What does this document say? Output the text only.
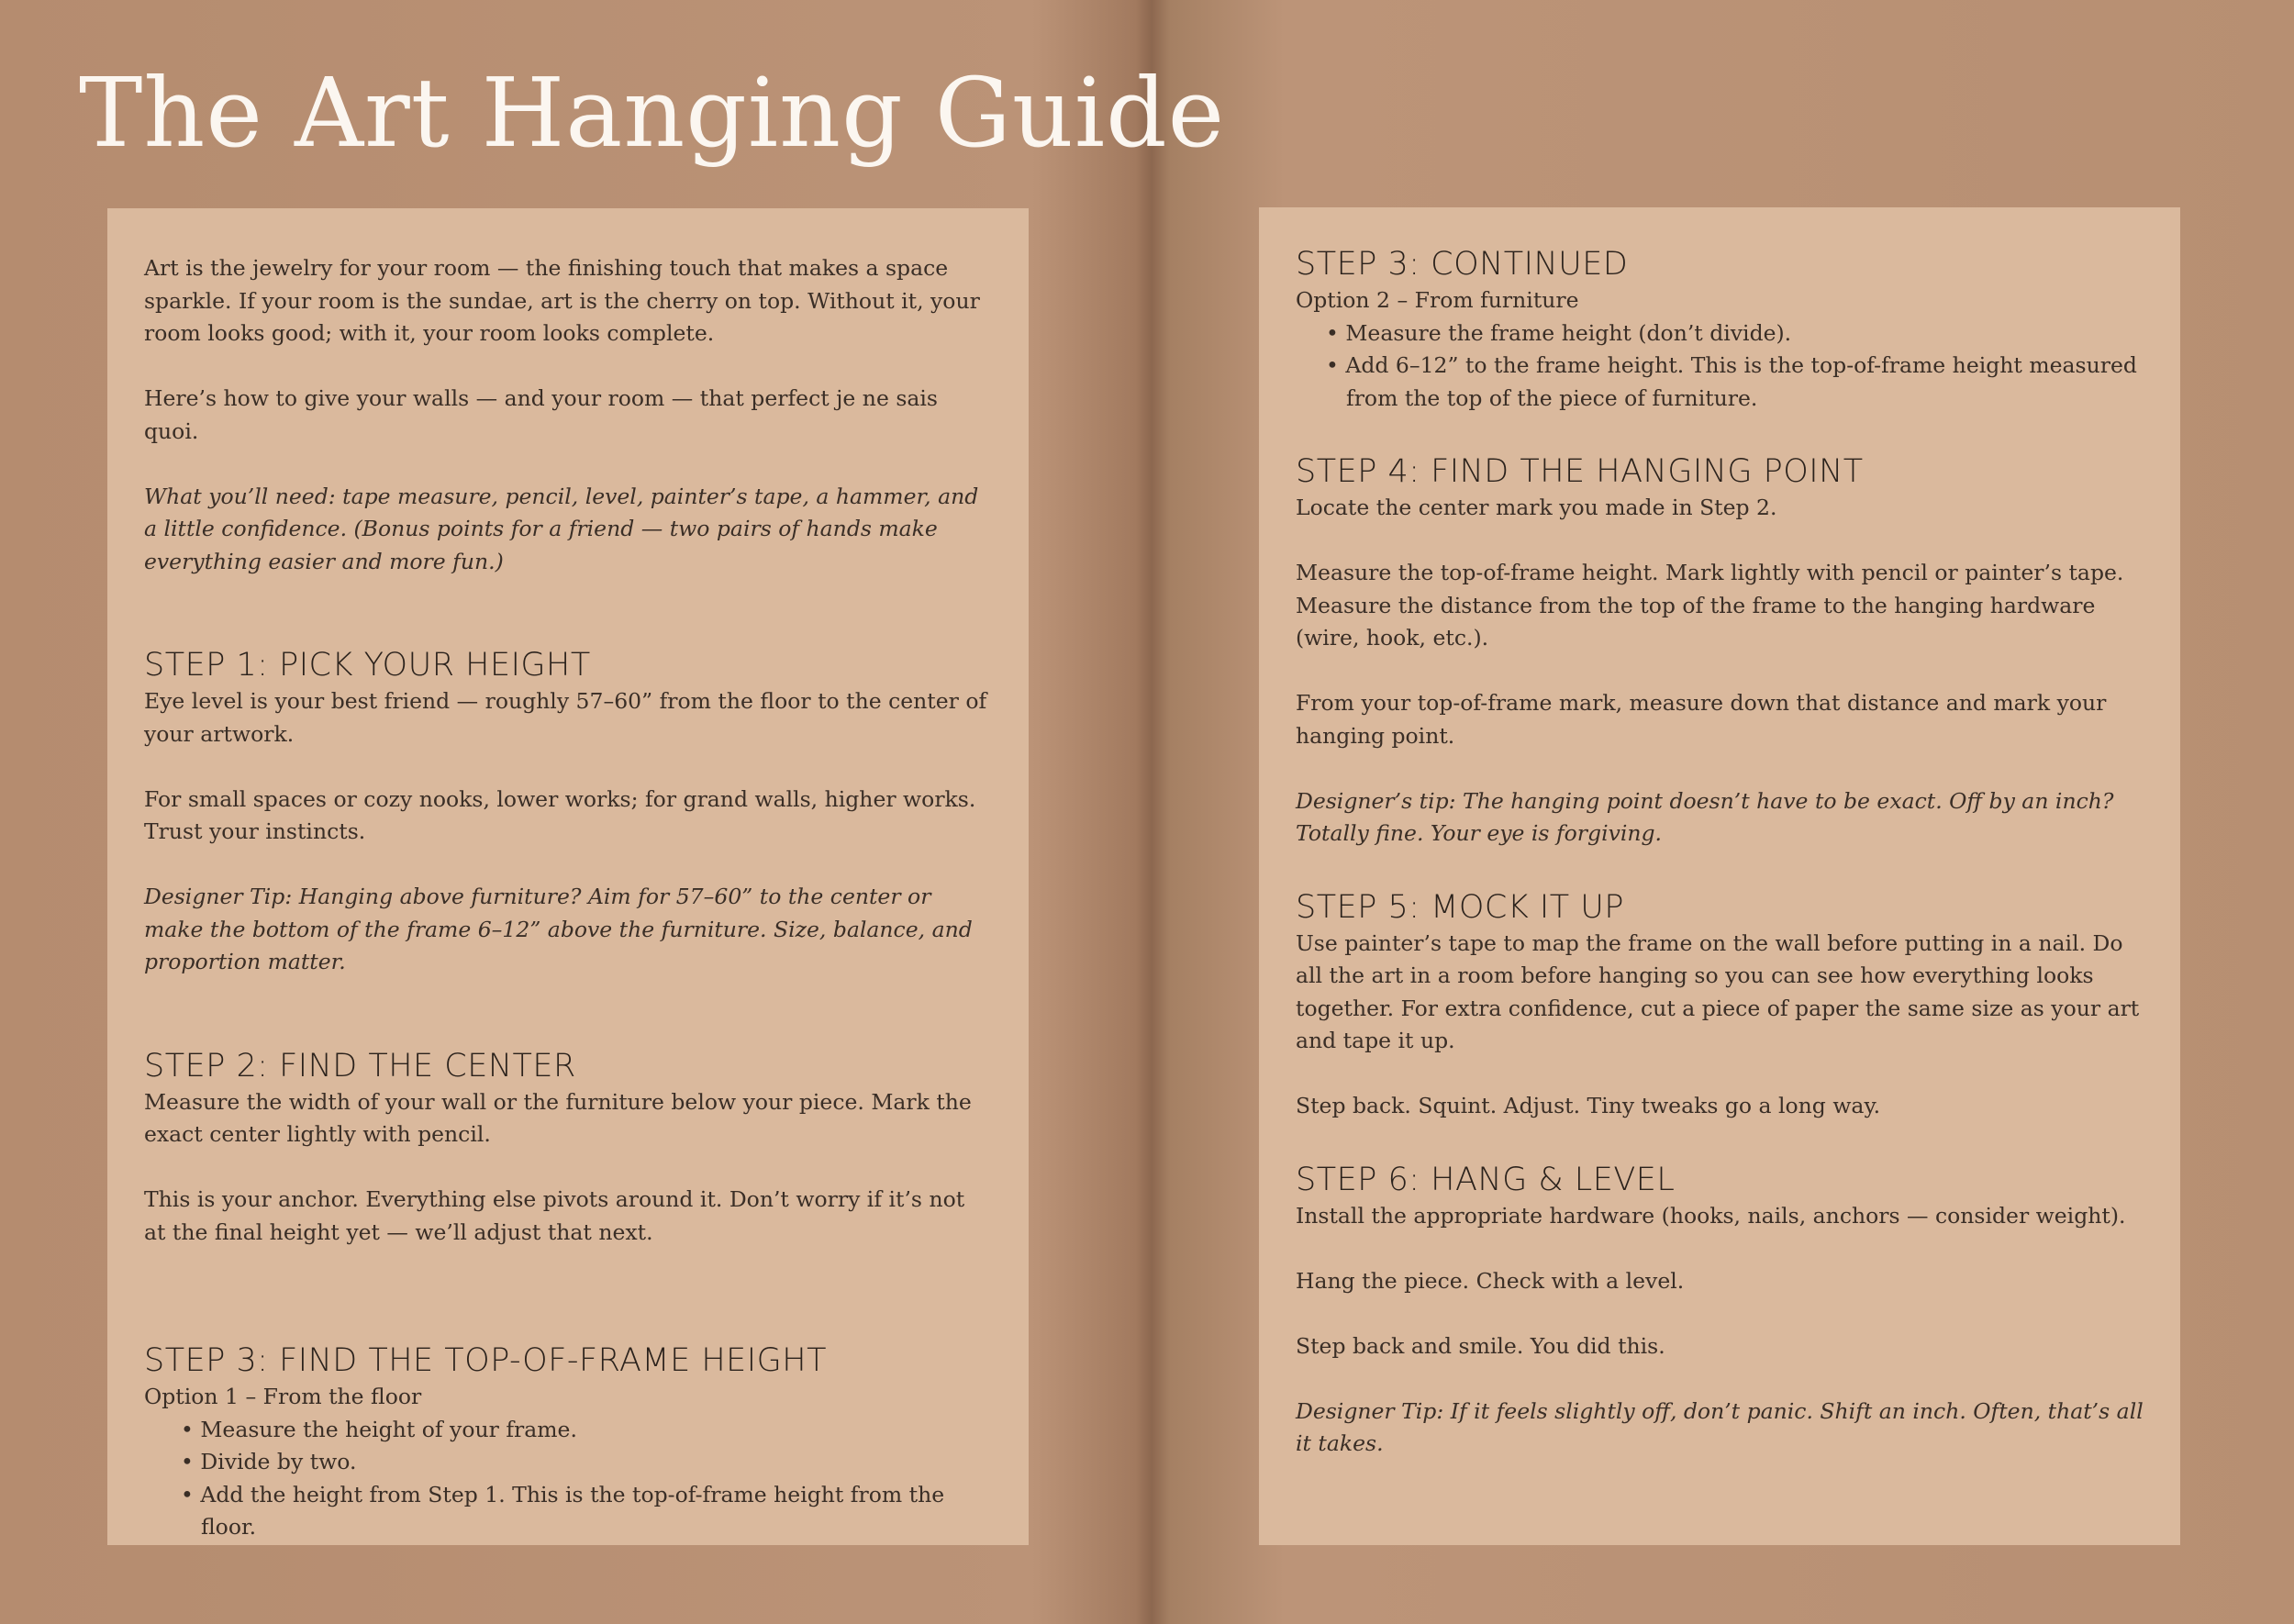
The Art Hanging Guide

Art is the jewelry for your room — the finishing touch that makes a space sparkle. If your room is the sundae, art is the cherry on top. Without it, your room looks good; with it, your room looks complete.

Here’s how to give your walls — and your room — that perfect je ne sais quoi.

What you’ll need: tape measure, pencil, level, painter’s tape, a hammer, and a little confidence. (Bonus points for a friend — two pairs of hands make everything easier and more fun.)

STEP 1: PICK YOUR HEIGHT

Eye level is your best friend — roughly 57–60” from the floor to the center of your artwork.

For small spaces or cozy nooks, lower works; for grand walls, higher works. Trust your instincts.

Designer Tip: Hanging above furniture? Aim for 57–60” to the center or make the bottom of the frame 6–12” above the furniture. Size, balance, and proportion matter.

STEP 2: FIND THE CENTER

Measure the width of your wall or the furniture below your piece. Mark the exact center lightly with pencil.

This is your anchor. Everything else pivots around it. Don’t worry if it’s not at the final height yet — we’ll adjust that next.

STEP 3: FIND THE TOP-OF-FRAME HEIGHT

Option 1 – From the floor

• Measure the height of your frame.
• Divide by two.
• Add the height from Step 1. This is the top-of-frame height from the floor.
STEP 3: CONTINUED

Option 2 – From furniture

• Measure the frame height (don’t divide).
• Add 6–12” to the frame height. This is the top-of-frame height measured from the top of the piece of furniture.
STEP 4: FIND THE HANGING POINT

Locate the center mark you made in Step 2.

Measure the top-of-frame height. Mark lightly with pencil or painter’s tape. Measure the distance from the top of the frame to the hanging hardware (wire, hook, etc.).

From your top-of-frame mark, measure down that distance and mark your hanging point.

Designer’s tip: The hanging point doesn’t have to be exact. Off by an inch? Totally fine. Your eye is forgiving.

STEP 5: MOCK IT UP

Use painter’s tape to map the frame on the wall before putting in a nail. Do all the art in a room before hanging so you can see how everything looks together. For extra confidence, cut a piece of paper the same size as your art and tape it up.

Step back. Squint. Adjust. Tiny tweaks go a long way.

STEP 6: HANG & LEVEL

Install the appropriate hardware (hooks, nails, anchors — consider weight).

Hang the piece. Check with a level.

Step back and smile. You did this.

Designer Tip: If it feels slightly off, don’t panic. Shift an inch. Often, that’s all it takes.
